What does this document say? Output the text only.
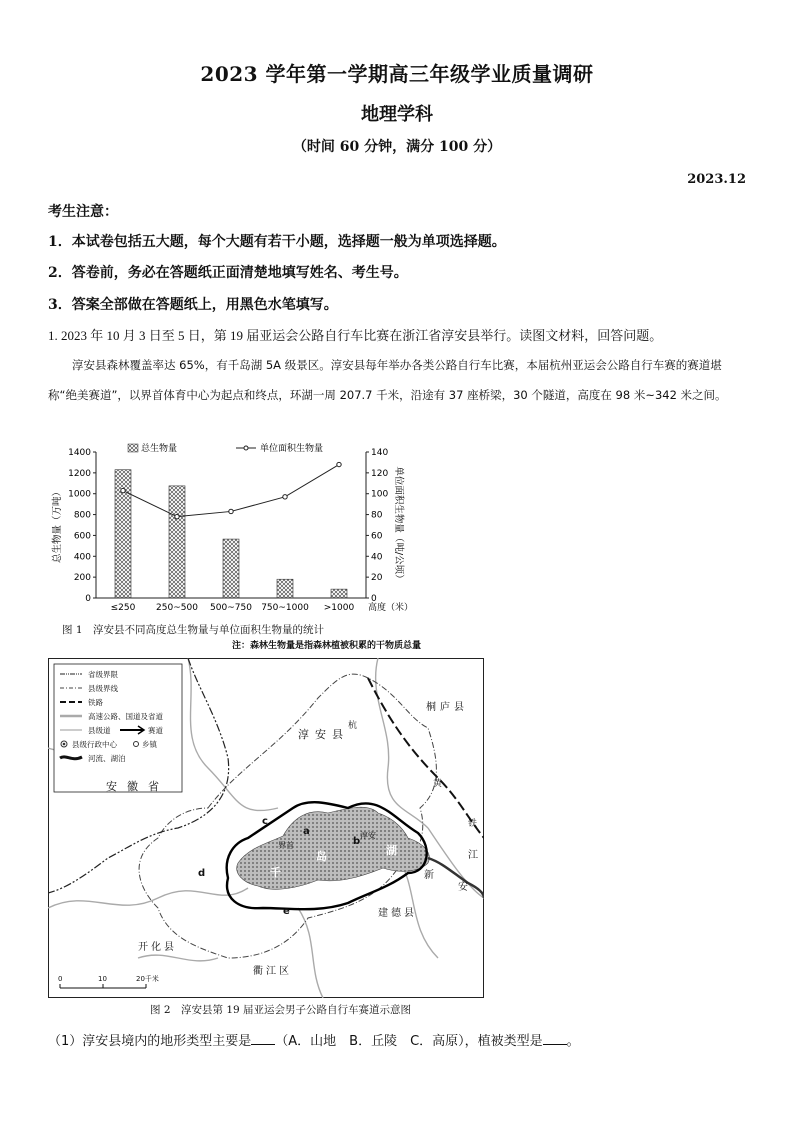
2023 学年第一学期高三年级学业质量调研
地理学科
（时间 60 分钟，满分 100 分）
2023.12
考生注意：
1．本试卷包括五大题，每个大题有若干小题，选择题一般为单项选择题。
2．答卷前，务必在答题纸正面清楚地填写姓名、考生号。
3．答案全部做在答题纸上，用黑色水笔填写。
1. 2023 年 10 月 3 日至 5 日，第 19 届亚运会公路自行车比赛在浙江省淳安县举行。读图文材料，回答问题。
淳安县森林覆盖率达 65%，有千岛湖 5A 级景区。淳安县每年举办各类公路自行车比赛，本届杭州亚运会公路自行车赛的赛道堪称“绝美赛道”，以界首体育中心为起点和终点，环湖一周 207.7 千米，沿途有 37 座桥梁，30 个隧道，高度在 98 米~342 米之间。
0
200
400
600
800
1000
1200
1400
0
20
40
60
80
100
120
140
≤250 250~500 500~750 750~1000 >1000 高度（米）
总生物量（万吨）	单位面积生物量（吨/公顷）
总生物量	单位面积生物量
图 1　淳安县不同高度总生物量与单位面积生物量的统计
注：森林生物量是指森林植被积累的干物质总量
省级界限
县级界线
铁路
高速公路、国道及省道
县级道	赛道
县级行政中心	乡镇
河流、湖泊
安徽省
淳安县
桐庐县
建德县
开化县
衢江区
千
岛	湖
新
安
江
界首
淳安
杭
黄
铁
a
b
c
d
e
0	10	20千米
图 2　淳安县第 19 届亚运会男子公路自行车赛道示意图
（1）淳安县境内的地形类型主要是 （A．山地　B．丘陵　C．高原），植被类型是 。
